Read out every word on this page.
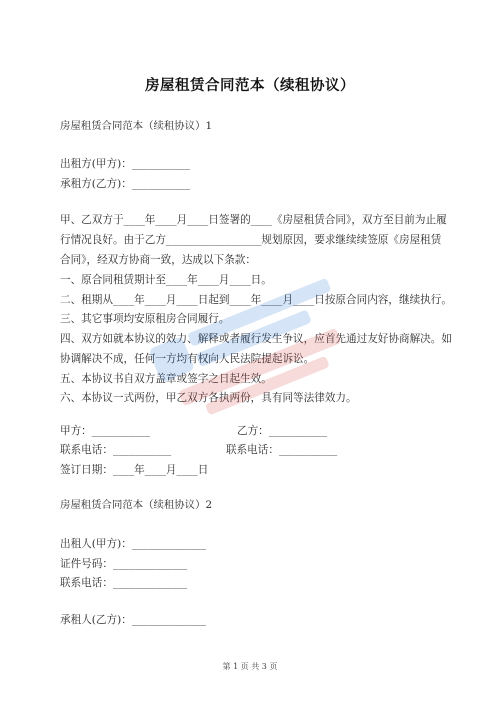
房屋租赁合同范本（续租协议）
房屋租赁合同范本（续租协议）1
出租方(甲方)：___________
承租方(乙方)：___________
甲、乙双方于____年____月____日签署的____《房屋租赁合同》，双方至目前为止履
行情况良好。由于乙方__________________规划原因，要求继续续签原《房屋租赁
合同》，经双方协商一致，达成以下条款：
一、原合同租赁期计至____年____月____日。
二、租期从____年____月____日起到____年____月____日按原合同内容，继续执行。
三、其它事项均安原租房合同履行。
四、双方如就本协议的效力、解释或者履行发生争议，应首先通过友好协商解决。如
协调解决不成，任何一方均有权向人民法院提起诉讼。
五、本协议书自双方盖章或签字之日起生效。
六、本协议一式两份，甲乙双方各执两份，具有同等法律效力。
甲方：___________	乙方：___________
联系电话：___________	联系电话：___________
签订日期：____年____月____日
房屋租赁合同范本（续租协议）2
出租人(甲方)：______________
证件号码：______________
联系电话：______________
承租人(乙方)：______________
第 1 页 共 3 页
